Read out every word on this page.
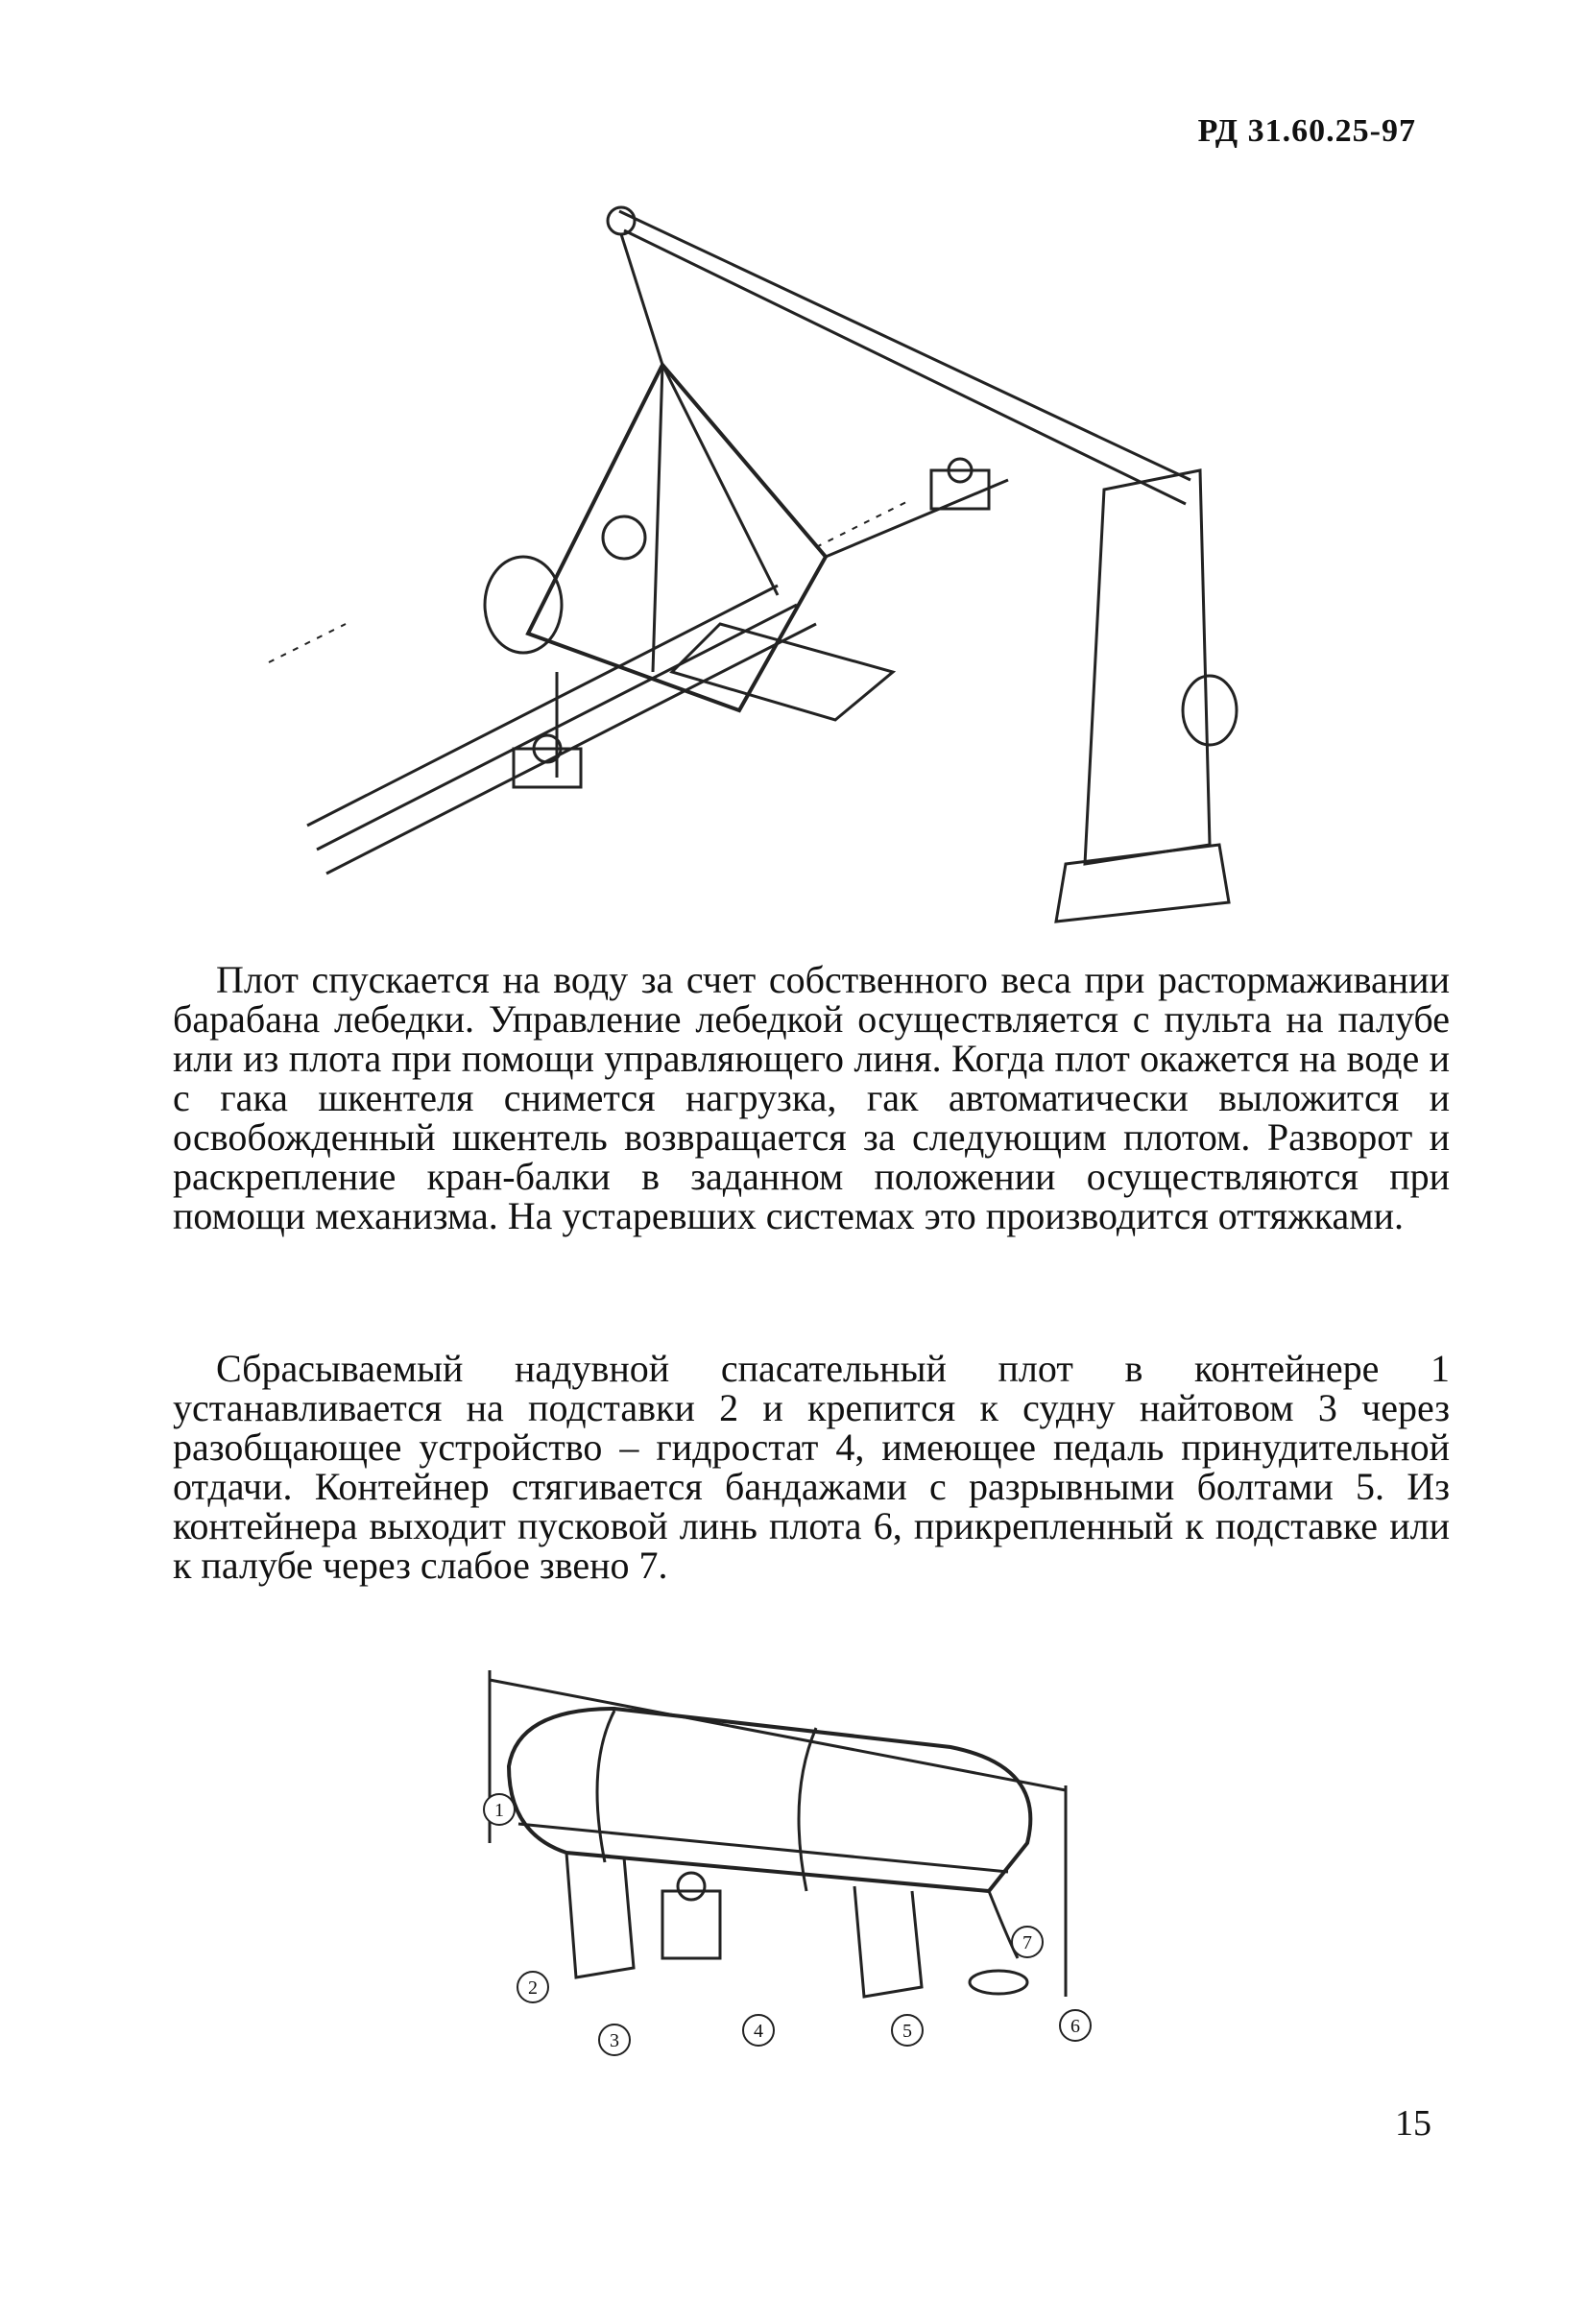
РД 31.60.25-97

Плот спускается на воду за счет собственного веса при растормаживании барабана лебедки. Управление лебедкой осуществляется с пульта на палубе или из плота при помощи управляющего линя. Когда плот окажется на воде и с гака шкентеля снимется нагрузка, гак автоматически выложится и освобожденный шкентель возвращается за следующим плотом. Разворот и раскрепление кран-балки в заданном положении осуществляются при помощи механизма. На устаревших системах это производится оттяжками.

Сбрасываемый надувной спасательный плот в контейнере 1 устанавливается на подставки 2 и крепится к судну найтовом 3 через разобщающее устройство – гидростат 4, имеющее педаль принудительной отдачи. Контейнер стягивается бандажами с разрывными болтами 5. Из контейнера выходит пусковой линь плота 6, прикрепленный к подставке или к палубе через слабое звено 7.

1
2
3	4	5	6
7
15
